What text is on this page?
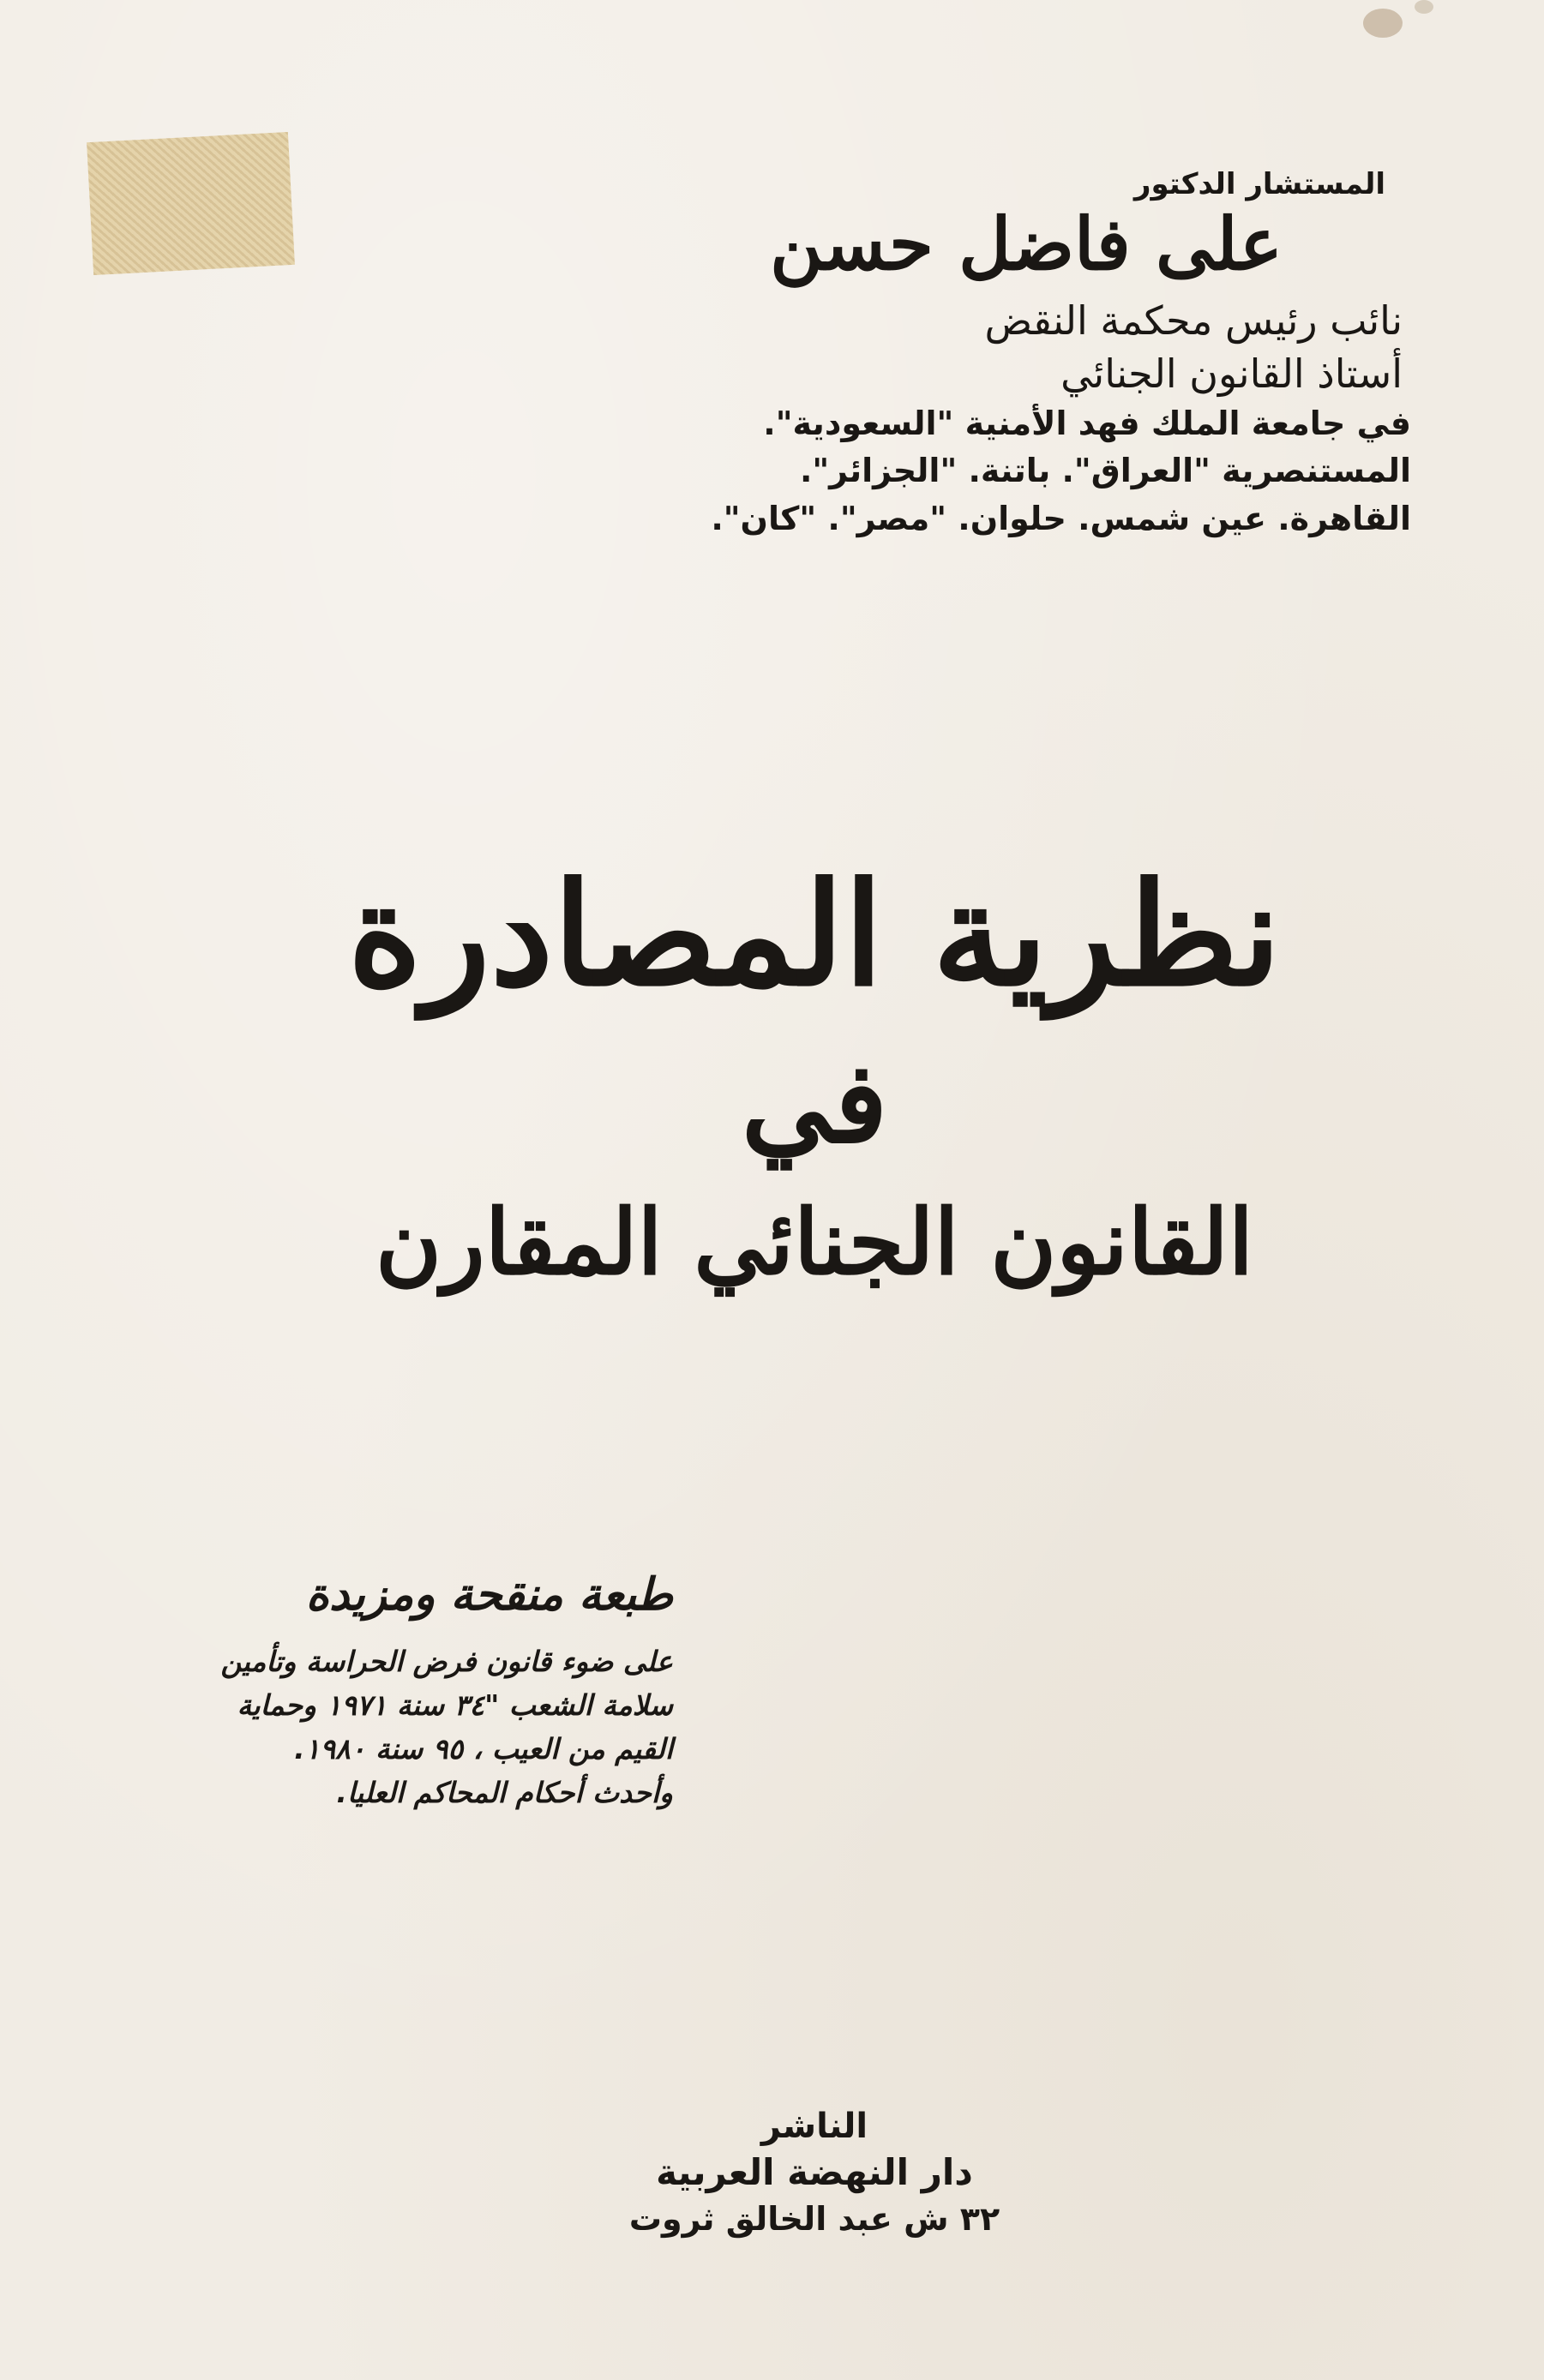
المستشار الدكتور
على فاضل حسن
نائب رئيس محكمة النقض
أستاذ القانون الجنائي
في جامعة الملك فهد الأمنية "السعودية".
المستنصرية "العراق". باتنة. "الجزائر".
القاهرة. عين شمس. حلوان. "مصر". "كان".
نظرية المصادرة
في
القانون الجنائي المقارن
طبعة منقحة ومزيدة
على ضوء قانون فرض الحراسة وتأمين
سلامة الشعب "٣٤ سنة ١٩٧١ وحماية
القيم من العيب ، ٩٥ سنة ١٩٨٠.
وأحدث أحكام المحاكم العليا.
الناشر
دار النهضة العربية
٣٢ ش عبد الخالق ثروت
